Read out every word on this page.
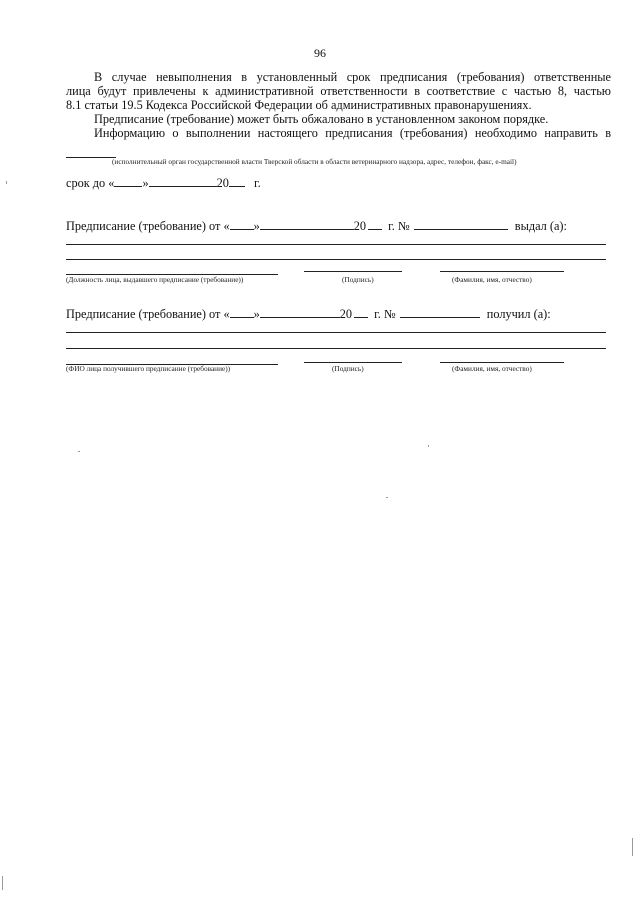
96

В случае невыполнения в установленный срок предписания (требования) ответственные

лица будут привлечены к административной ответственности в соответствие с частью 8, частью

8.1 статьи 19.5 Кодекса Российской Федерации об административных правонарушениях.

Предписание (требование) может быть обжаловано в установленном законом порядке.

Информацию о выполнении настоящего предписания (требования) необходимо направить в

(исполнительный орган государственной власти Тверской области в области ветеринарного надзора, адрес, телефон, факс, e-mail)
срок до « »	20 г.
Предписание (требование) от « »	20 г. №	выдал (а):
(Должность лица, выдавшего предписание (требование))	(Подпись)	(Фамилия, имя, отчество)
Предписание (требование) от « »	20 г. №	получил (а):
(ФИО лица получившего предписание (требование))	(Подпись)	(Фамилия, имя, отчество)
